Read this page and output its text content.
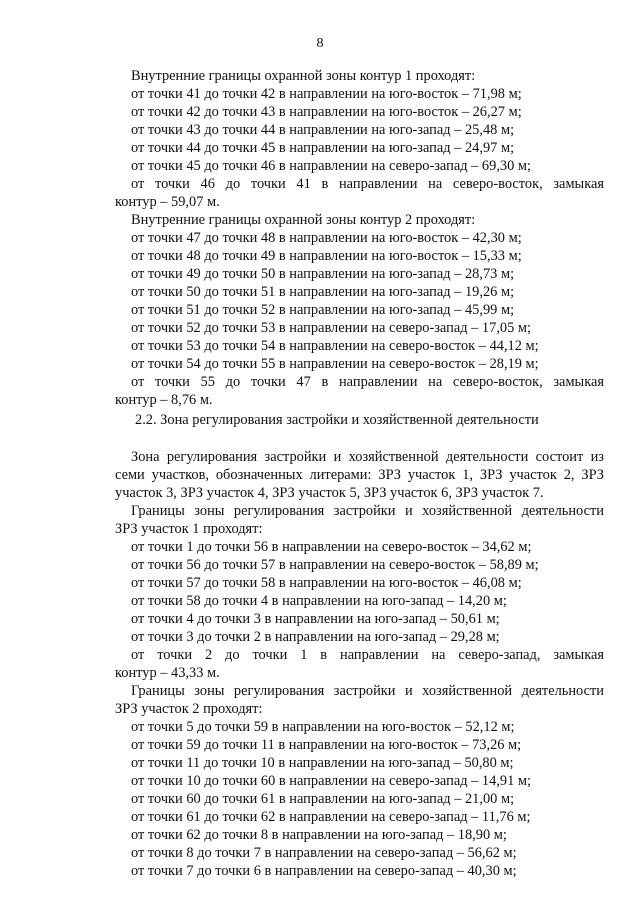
8
Внутренние границы охранной зоны контур 1 проходят:
от точки 41 до точки 42 в направлении на юго-восток – 71,98 м;
от точки 42 до точки 43 в направлении на юго-восток – 26,27 м;
от точки 43 до точки 44 в направлении на юго-запад – 25,48 м;
от точки 44 до точки 45 в направлении на юго-запад – 24,97 м;
от точки 45 до точки 46 в направлении на северо-запад – 69,30 м;
от точки 46 до точки 41 в направлении на северо-восток, замыкая
контур – 59,07 м.
Внутренние границы охранной зоны контур 2 проходят:
от точки 47 до точки 48 в направлении на юго-восток – 42,30 м;
от точки 48 до точки 49 в направлении на юго-восток – 15,33 м;
от точки 49 до точки 50 в направлении на юго-запад – 28,73 м;
от точки 50 до точки 51 в направлении на юго-запад – 19,26 м;
от точки 51 до точки 52 в направлении на юго-запад – 45,99 м;
от точки 52 до точки 53 в направлении на северо-запад – 17,05 м;
от точки 53 до точки 54 в направлении на северо-восток – 44,12 м;
от точки 54 до точки 55 в направлении на северо-восток – 28,19 м;
от точки 55 до точки 47 в направлении на северо-восток, замыкая
контур – 8,76 м.
2.2. Зона регулирования застройки и хозяйственной деятельности
Зона регулирования застройки и хозяйственной деятельности состоит из
семи участков, обозначенных литерами: ЗРЗ участок 1, ЗРЗ участок 2, ЗРЗ
участок 3, ЗРЗ участок 4, ЗРЗ участок 5, ЗРЗ участок 6, ЗРЗ участок 7.
Границы зоны регулирования застройки и хозяйственной деятельности
ЗРЗ участок 1 проходят:
от точки 1 до точки 56 в направлении на северо-восток – 34,62 м;
от точки 56 до точки 57 в направлении на северо-восток – 58,89 м;
от точки 57 до точки 58 в направлении на юго-восток – 46,08 м;
от точки 58 до точки 4 в направлении на юго-запад – 14,20 м;
от точки 4 до точки 3 в направлении на юго-запад – 50,61 м;
от точки 3 до точки 2 в направлении на юго-запад – 29,28 м;
от точки 2 до точки 1 в направлении на северо-запад, замыкая
контур – 43,33 м.
Границы зоны регулирования застройки и хозяйственной деятельности
ЗРЗ участок 2 проходят:
от точки 5 до точки 59 в направлении на юго-восток – 52,12 м;
от точки 59 до точки 11 в направлении на юго-восток – 73,26 м;
от точки 11 до точки 10 в направлении на юго-запад – 50,80 м;
от точки 10 до точки 60 в направлении на северо-запад – 14,91 м;
от точки 60 до точки 61 в направлении на юго-запад – 21,00 м;
от точки 61 до точки 62 в направлении на северо-запад – 11,76 м;
от точки 62 до точки 8 в направлении на юго-запад – 18,90 м;
от точки 8 до точки 7 в направлении на северо-запад – 56,62 м;
от точки 7 до точки 6 в направлении на северо-запад – 40,30 м;
